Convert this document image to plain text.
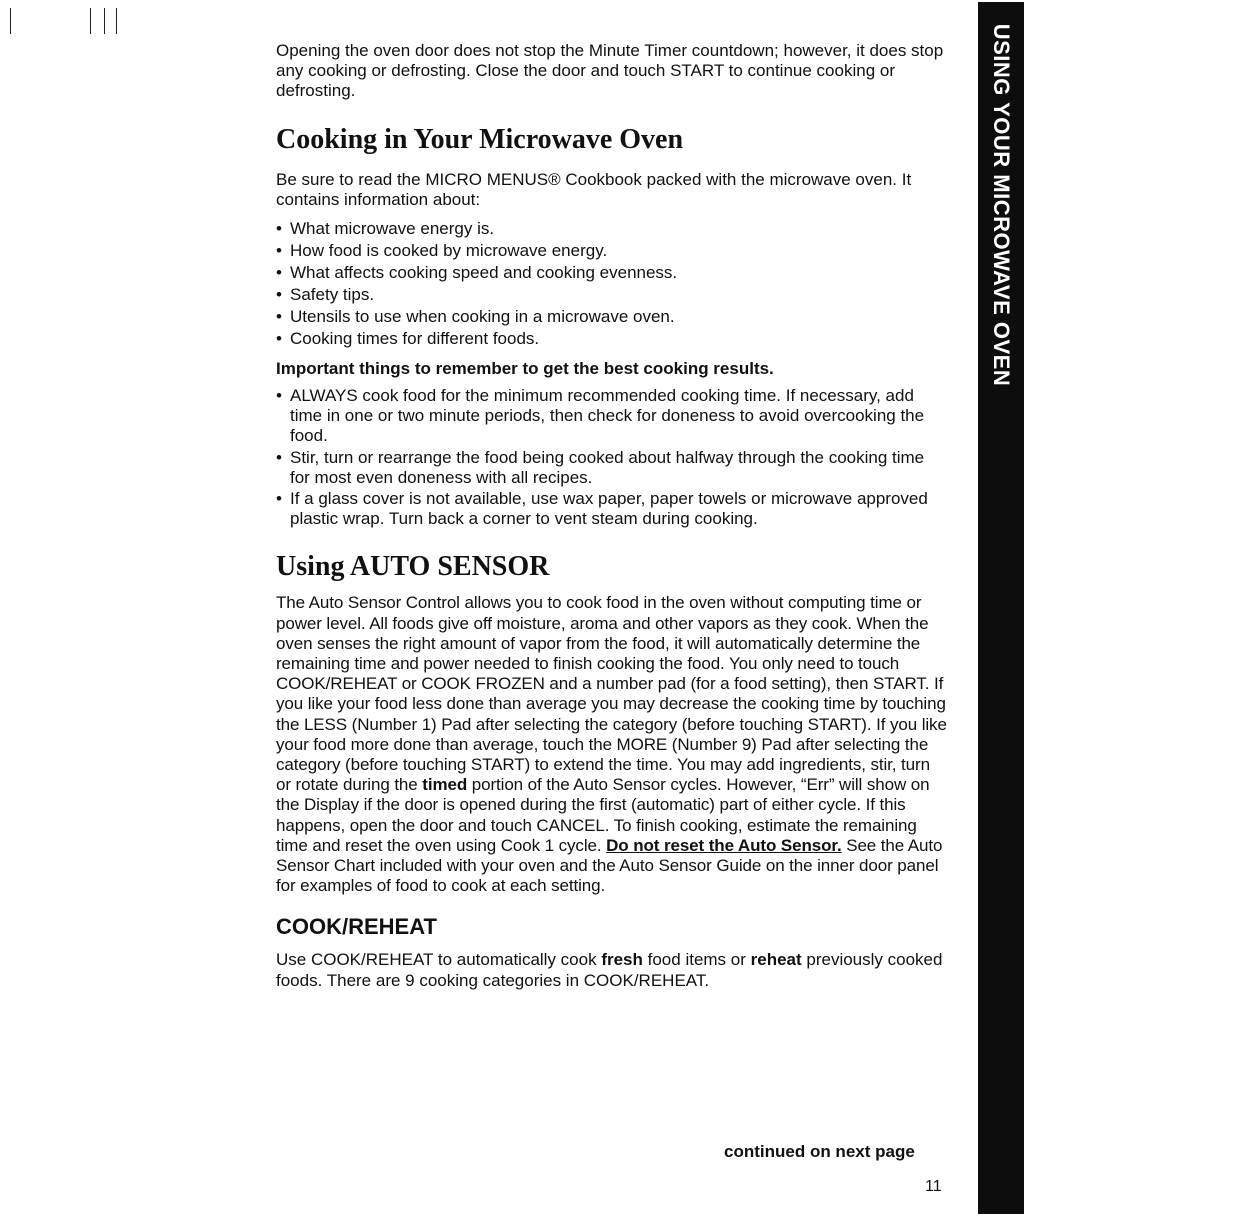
USING YOUR MICROWAVE OVEN

Opening the oven door does not stop the Minute Timer countdown; however, it does stop any cooking or defrosting. Close the door and touch START to continue cooking or defrosting.

Cooking in Your Microwave Oven

Be sure to read the MICRO MENUS® Cookbook packed with the microwave oven. It contains information about:

• What microwave energy is.
• How food is cooked by microwave energy.
• What affects cooking speed and cooking evenness.
• Safety tips.
• Utensils to use when cooking in a microwave oven.
• Cooking times for different foods.

Important things to remember to get the best cooking results.

• ALWAYS cook food for the minimum recommended cooking time. If necessary, add time in one or two minute periods, then check for doneness to avoid overcooking the food.
• Stir, turn or rearrange the food being cooked about halfway through the cooking time for most even doneness with all recipes.
• If a glass cover is not available, use wax paper, paper towels or microwave approved plastic wrap. Turn back a corner to vent steam during cooking.
Using AUTO SENSOR

The Auto Sensor Control allows you to cook food in the oven without computing time or power level. All foods give off moisture, aroma and other vapors as they cook. When the oven senses the right amount of vapor from the food, it will automatically determine the remaining time and power needed to finish cooking the food. You only need to touch COOK/REHEAT or COOK FROZEN and a number pad (for a food setting), then START. If you like your food less done than average you may decrease the cooking time by touching the LESS (Number 1) Pad after selecting the category (before touching START). If you like your food more done than average, touch the MORE (Number 9) Pad after selecting the category (before touching START) to extend the time. You may add ingredients, stir, turn or rotate during the timed portion of the Auto Sensor cycles. However, “Err” will show on the Display if the door is opened during the first (automatic) part of either cycle. If this happens, open the door and touch CANCEL. To finish cooking, estimate the remaining time and reset the oven using Cook 1 cycle. Do not reset the Auto Sensor. See the Auto Sensor Chart included with your oven and the Auto Sensor Guide on the inner door panel for examples of food to cook at each setting.

COOK/REHEAT

Use COOK/REHEAT to automatically cook fresh food items or reheat previously cooked foods. There are 9 cooking categories in COOK/REHEAT.

continued on next page
11
